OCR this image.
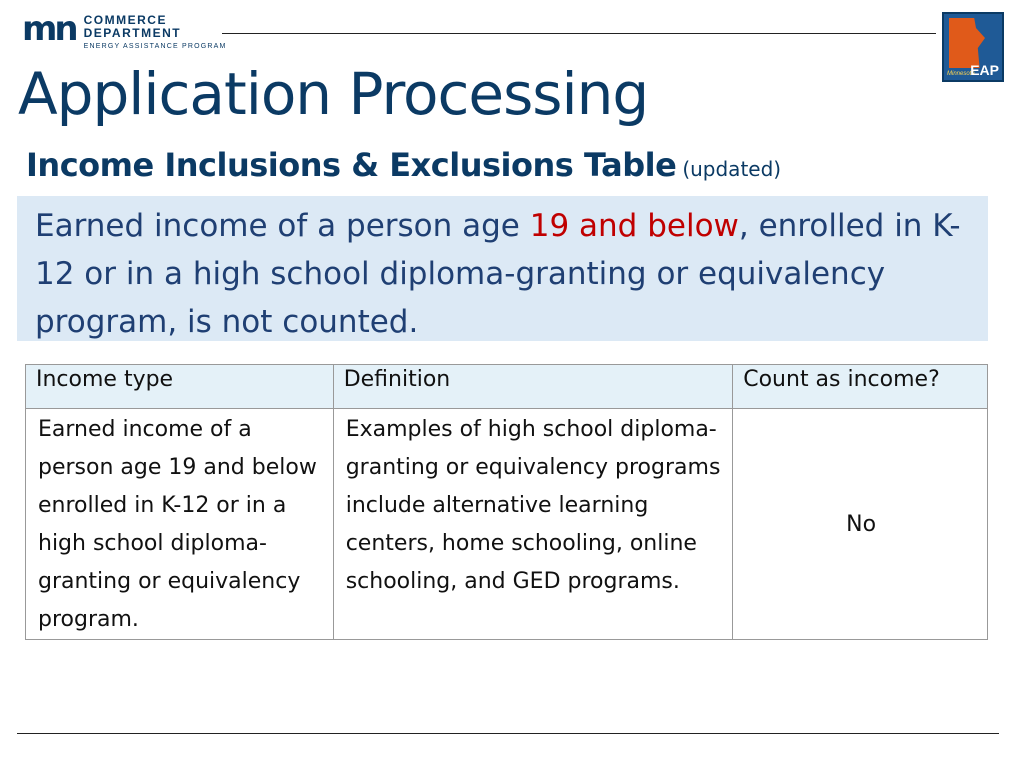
mn COMMERCE
DEPARTMENT
ENERGY ASSISTANCE PROGRAM
Minnesota
EAP
Application Processing
Income Inclusions & Exclusions Table (updated)
Earned income of a person age 19 and below, enrolled in K-12 or in a high school diploma-granting or equivalency program, is not counted.
Income type	Definition	Count as income?
Earned income of a person age 19 and below enrolled in K-12 or in a high school diploma-granting or equivalency program.	Examples of high school diploma-granting or equivalency programs include alternative learning centers, home schooling, online schooling, and GED programs.	No
